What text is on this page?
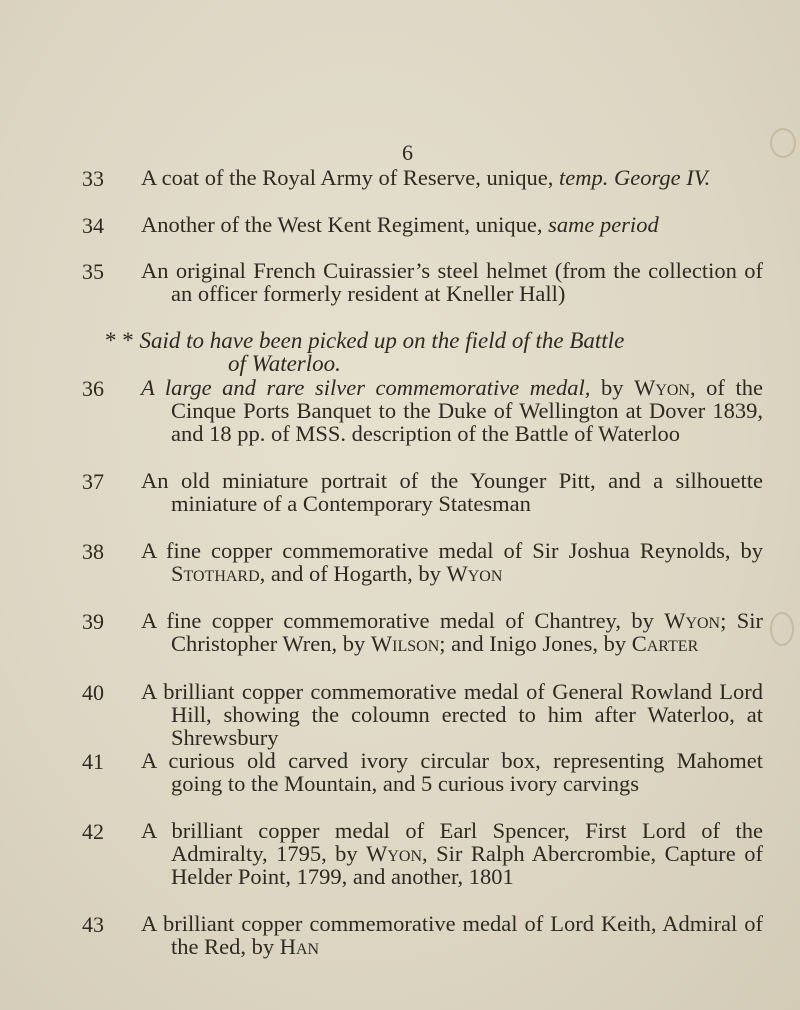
6
33 A coat of the Royal Army of Reserve, unique, temp. George IV.
34 Another of the West Kent Regiment, unique, same period
35 An original French Cuirassier’s steel helmet (from the collection of an officer formerly resident at Kneller Hall)
* * Said to have been picked up on the field of the Battle
of Waterloo.
36 A large and rare silver commemorative medal, by Wyon, of the Cinque Ports Banquet to the Duke of Wellington at Dover 1839, and 18 pp. of MSS. description of the Battle of Waterloo
37 An old miniature portrait of the Younger Pitt, and a silhouette miniature of a Contemporary Statesman
38 A fine copper commemorative medal of Sir Joshua Reynolds, by Stothard, and of Hogarth, by Wyon
39 A fine copper commemorative medal of Chantrey, by Wyon; Sir Christopher Wren, by Wilson; and Inigo Jones, by Carter
40 A brilliant copper commemorative medal of General Rowland Lord Hill, showing the coloumn erected to him after Waterloo, at Shrewsbury
41 A curious old carved ivory circular box, representing Mahomet going to the Mountain, and 5 curious ivory carvings
42 A brilliant copper medal of Earl Spencer, First Lord of the Admiralty, 1795, by Wyon, Sir Ralph Abercrombie, Capture of Helder Point, 1799, and another, 1801
43 A brilliant copper commemorative medal of Lord Keith, Admiral of the Red, by Han
